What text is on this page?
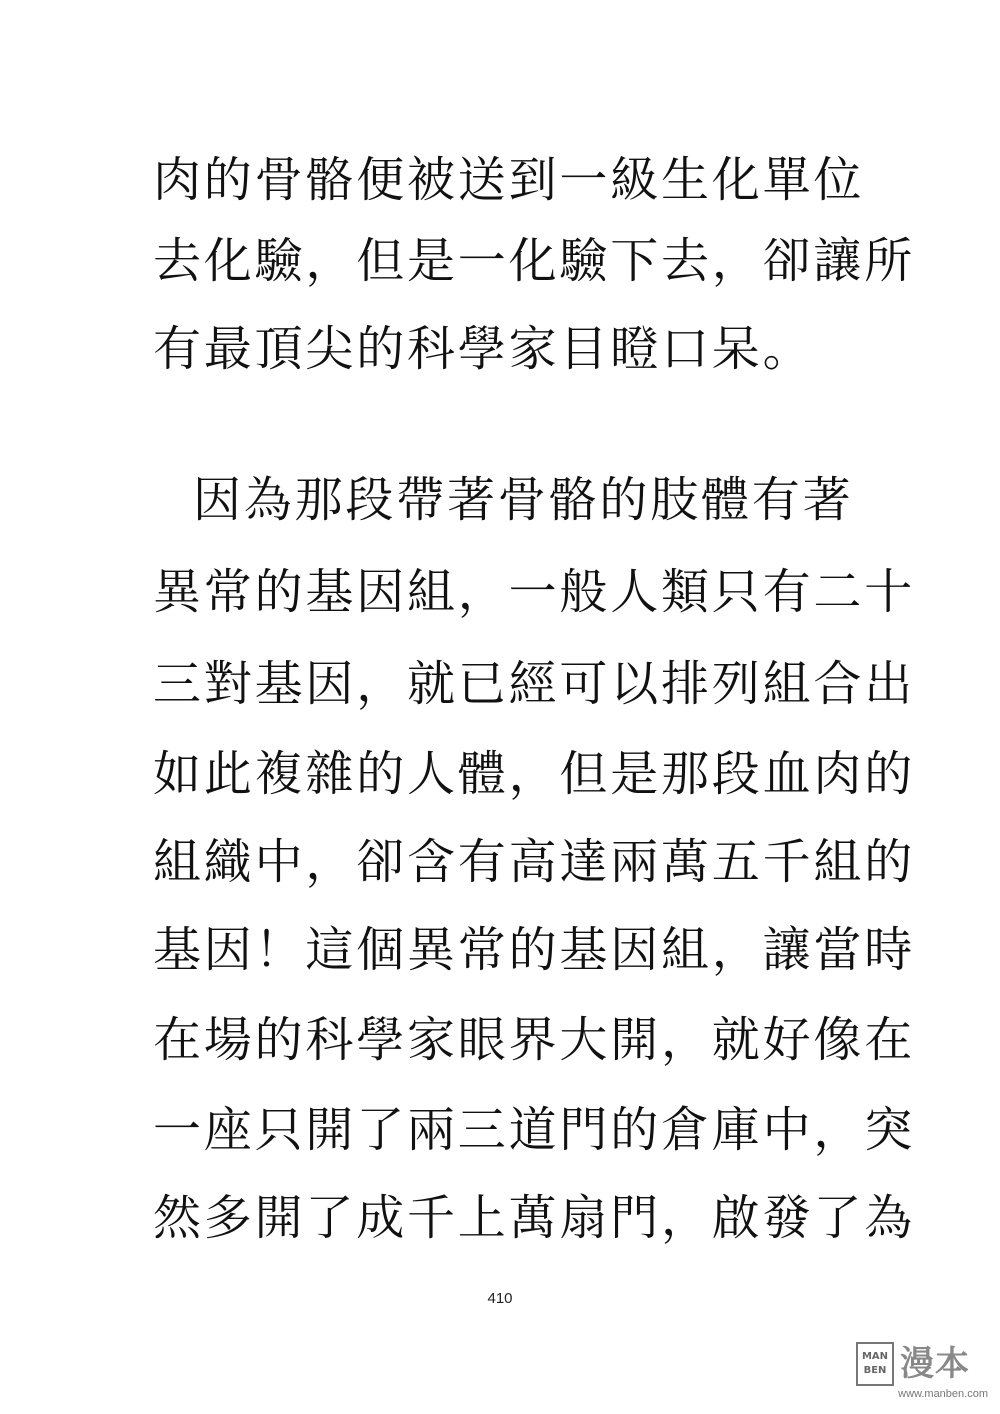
肉的骨骼便被送到一級生化單位
去化驗，但是一化驗下去，卻讓所
有最頂尖的科學家目瞪口呆。
因為那段帶著骨骼的肢體有著
異常的基因組，一般人類只有二十
三對基因，就已經可以排列組合出
如此複雜的人體，但是那段血肉的
組織中，卻含有高達兩萬五千組的
基因！這個異常的基因組，讓當時
在場的科學家眼界大開，就好像在
一座只開了兩三道門的倉庫中，突
然多開了成千上萬扇門，啟發了為
410
MAN
BEN 漫本
www.manben.com
